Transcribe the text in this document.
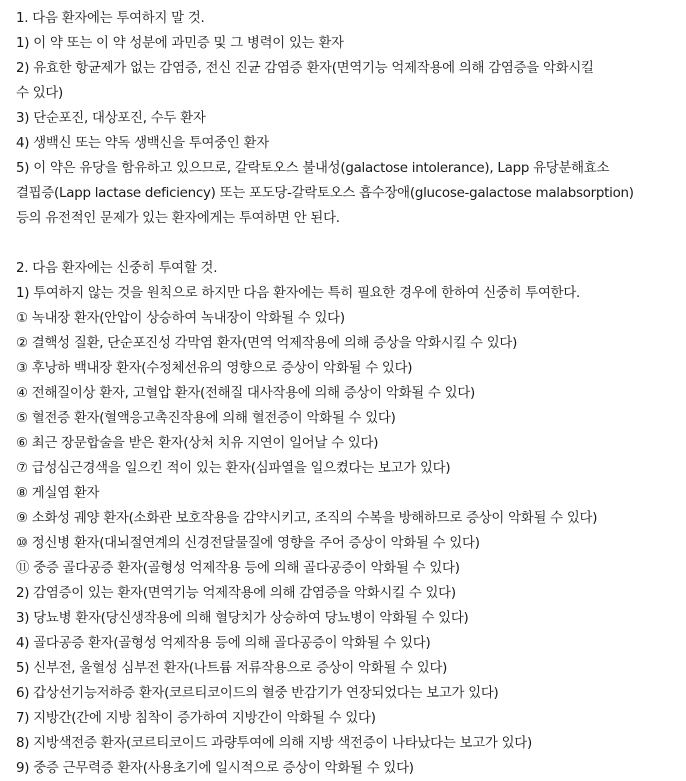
1. 다음 환자에는 투여하지 말 것.
1) 이 약 또는 이 약 성분에 과민증 및 그 병력이 있는 환자
2) 유효한 항균제가 없는 감염증, 전신 진균 감염증 환자(면역기능 억제작용에 의해 감염증을 악화시킬
수 있다)
3) 단순포진, 대상포진, 수두 환자
4) 생백신 또는 약독 생백신을 투여중인 환자
5) 이 약은 유당을 함유하고 있으므로, 갈락토오스 불내성(galactose intolerance), Lapp 유당분해효소
결핍증(Lapp lactase deficiency) 또는 포도당-갈락토오스 흡수장애(glucose-galactose malabsorption)
등의 유전적인 문제가 있는 환자에게는 투여하면 안 된다.
2. 다음 환자에는 신중히 투여할 것.
1) 투여하지 않는 것을 원칙으로 하지만 다음 환자에는 특히 필요한 경우에 한하여 신중히 투여한다.
① 녹내장 환자(안압이 상승하여 녹내장이 악화될 수 있다)
② 결핵성 질환, 단순포진성 각막염 환자(면역 억제작용에 의해 증상을 악화시킬 수 있다)
③ 후낭하 백내장 환자(수정체선유의 영향으로 증상이 악화될 수 있다)
④ 전해질이상 환자, 고혈압 환자(전해질 대사작용에 의해 증상이 악화될 수 있다)
⑤ 혈전증 환자(혈액응고촉진작용에 의해 혈전증이 악화될 수 있다)
⑥ 최근 장문합술을 받은 환자(상처 치유 지연이 일어날 수 있다)
⑦ 급성심근경색을 일으킨 적이 있는 환자(심파열을 일으켰다는 보고가 있다)
⑧ 게실염 환자
⑨ 소화성 궤양 환자(소화관 보호작용을 감약시키고, 조직의 수복을 방해하므로 증상이 악화될 수 있다)
⑩ 정신병 환자(대뇌절연계의 신경전달물질에 영향을 주어 증상이 악화될 수 있다)
⑪ 중증 골다공증 환자(골형성 억제작용 등에 의해 골다공증이 악화될 수 있다)
2) 감염증이 있는 환자(면역기능 억제작용에 의해 감염증을 악화시킬 수 있다)
3) 당뇨병 환자(당신생작용에 의해 혈당치가 상승하여 당뇨병이 악화될 수 있다)
4) 골다공증 환자(골형성 억제작용 등에 의해 골다공증이 악화될 수 있다)
5) 신부전, 울혈성 심부전 환자(나트륨 저류작용으로 증상이 악화될 수 있다)
6) 갑상선기능저하증 환자(코르티코이드의 혈중 반감기가 연장되었다는 보고가 있다)
7) 지방간(간에 지방 침착이 증가하여 지방간이 악화될 수 있다)
8) 지방색전증 환자(코르티코이드 과량투여에 의해 지방 색전증이 나타났다는 보고가 있다)
9) 중증 근무력증 환자(사용초기에 일시적으로 증상이 악화될 수 있다)
